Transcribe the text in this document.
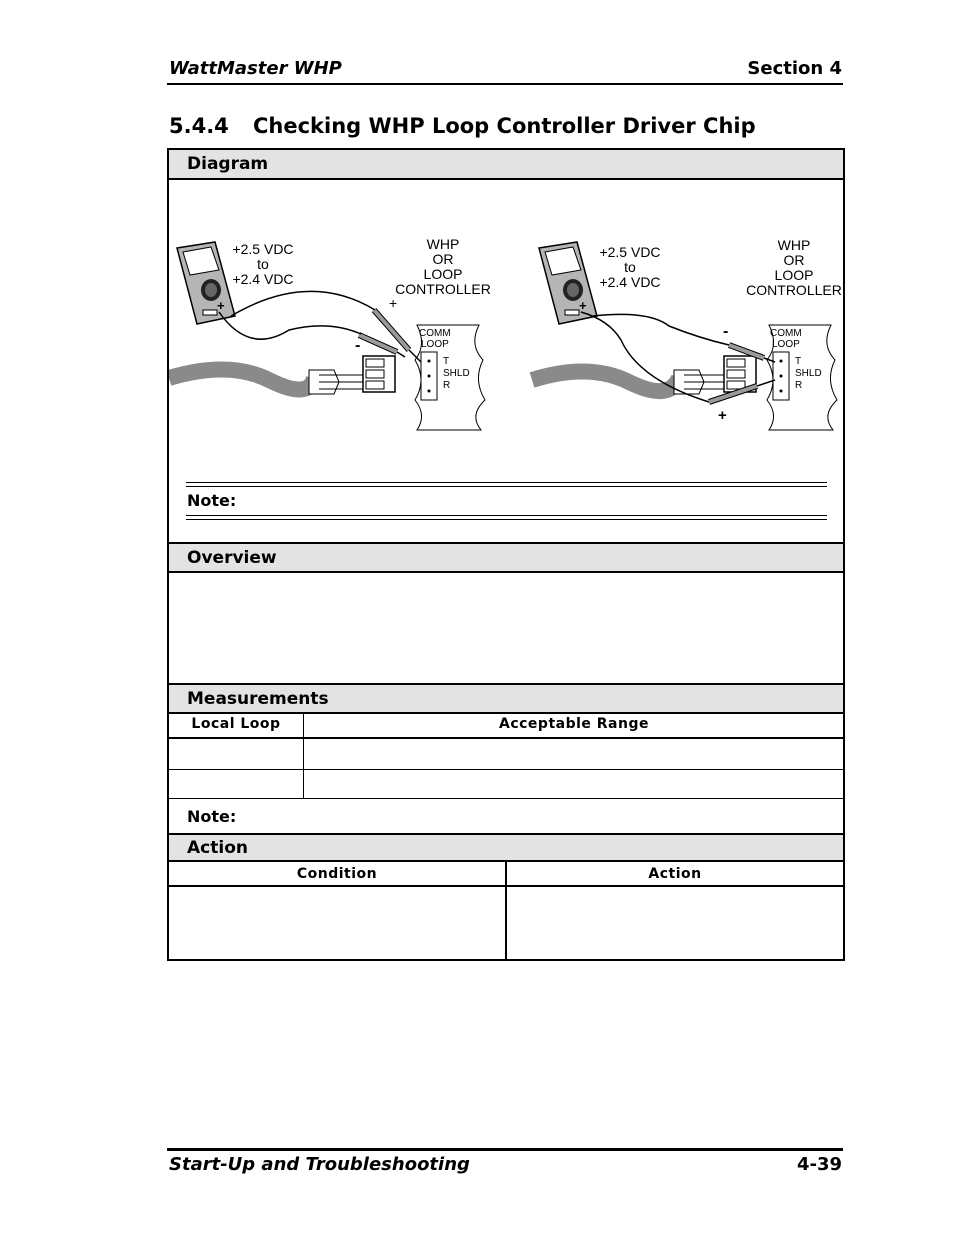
WattMaster WHP	Section 4
5.4.4 Checking WHP Loop Controller Driver Chip
Diagram
COMM
LOOP
T
SHLD
R
+	+
-
+2.5 VDC
to
+2.4 VDC
WHP
OR
LOOP
CONTROLLER
COMM
LOOP
T
SHLD
R
+
-
+
+2.5 VDC
to
+2.4 VDC
WHP
OR
LOOP
CONTROLLER
Note:
Overview
Measurements
Local Loop	Acceptable Range
Note:
Action
Condition	Action
Start-Up and Troubleshooting	4-39
